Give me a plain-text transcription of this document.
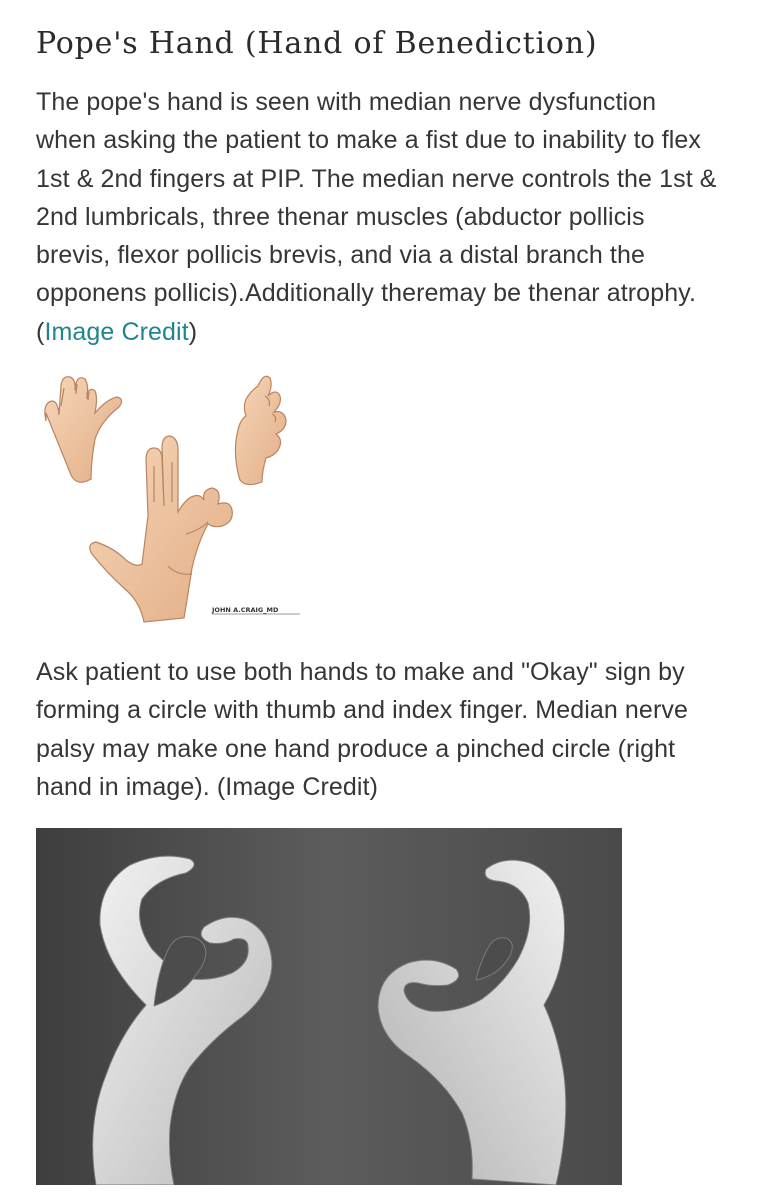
Pope's Hand (Hand of Benediction)

The pope's hand is seen with median nerve dysfunction
when asking the patient to make a fist due to inability to flex
1st & 2nd fingers at PIP. The median nerve controls the 1st &
2nd lumbricals, three thenar muscles (abductor pollicis
brevis, flexor pollicis brevis, and via a distal branch the
opponens pollicis).Additionally theremay be thenar atrophy.
(Image Credit)

JOHN A.CRAIG_MD

Ask patient to use both hands to make and "Okay" sign by
forming a circle with thumb and index finger. Median nerve
palsy may make one hand produce a pinched circle (right
hand in image). (Image Credit)
